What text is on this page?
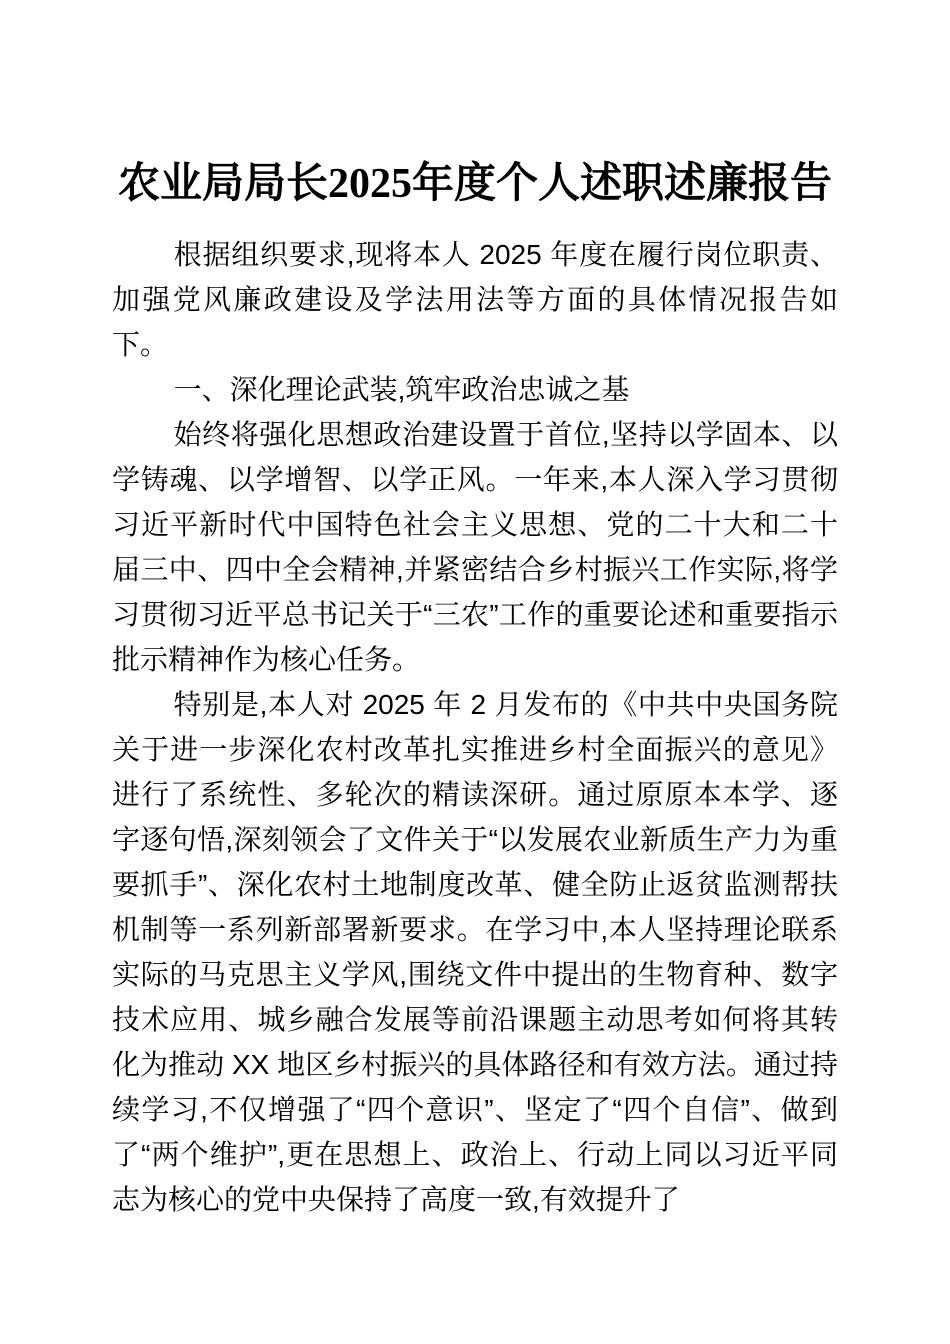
农业局局长2025年度个人述职述廉报告

根据组织要求,现将本人 2025 年度在履行岗位职责、加强党风廉政建设及学法用法等方面的具体情况报告如下。

一、深化理论武装,筑牢政治忠诚之基

始终将强化思想政治建设置于首位,坚持以学固本、以学铸魂、以学增智、以学正风。一年来,本人深入学习贯彻习近平新时代中国特色社会主义思想、党的二十大和二十届三中、四中全会精神,并紧密结合乡村振兴工作实际,将学习贯彻习近平总书记关于“三农”工作的重要论述和重要指示批示精神作为核心任务。

特别是,本人对 2025 年 2 月发布的《中共中央国务院关于进一步深化农村改革扎实推进乡村全面振兴的意见》进行了系统性、多轮次的精读深研。通过原原本本学、逐字逐句悟,深刻领会了文件关于“以发展农业新质生产力为重要抓手”、深化农村土地制度改革、健全防止返贫监测帮扶机制等一系列新部署新要求。在学习中,本人坚持理论联系实际的马克思主义学风,围绕文件中提出的生物育种、数字技术应用、城乡融合发展等前沿课题主动思考如何将其转化为推动 XX 地区乡村振兴的具体路径和有效方法。通过持续学习,不仅增强了“四个意识”、坚定了“四个自信”、做到了“两个维护”,更在思想上、政治上、行动上同以习近平同志为核心的党中央保持了高度一致,有效提升了
